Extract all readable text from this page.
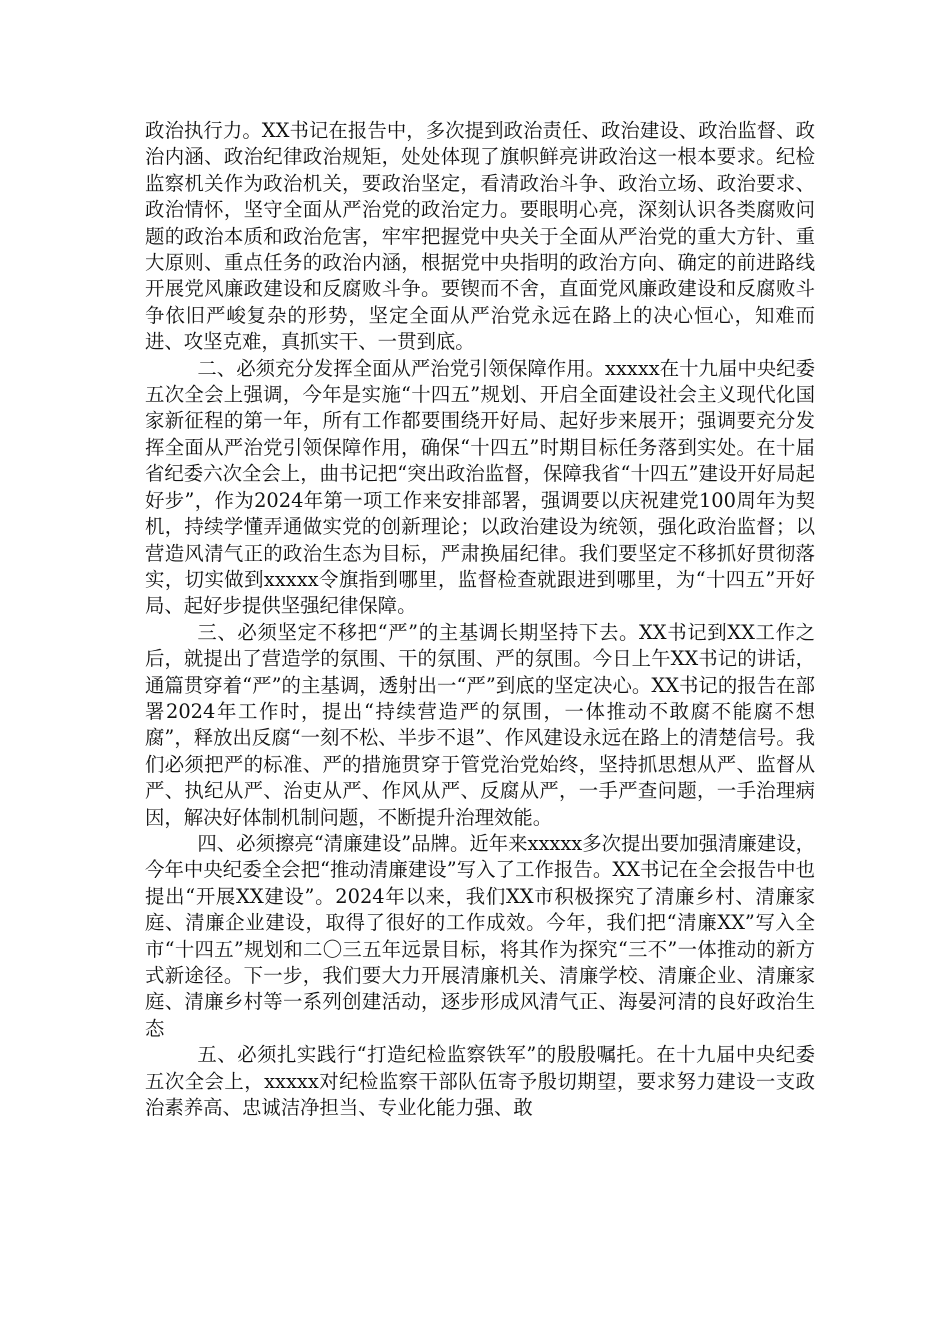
政治执行力。XX书记在报告中，多次提到政治责任、政治建设、政治监督、政治内涵、政治纪律政治规矩，处处体现了旗帜鲜亮讲政治这一根本要求。纪检监察机关作为政治机关，要政治坚定，看清政治斗争、政治立场、政治要求、政治情怀，坚守全面从严治党的政治定力。要眼明心亮，深刻认识各类腐败问题的政治本质和政治危害，牢牢把握党中央关于全面从严治党的重大方针、重大原则、重点任务的政治内涵，根据党中央指明的政治方向、确定的前进路线开展党风廉政建设和反腐败斗争。要锲而不舍，直面党风廉政建设和反腐败斗争依旧严峻复杂的形势，坚定全面从严治党永远在路上的决心恒心，知难而进、攻坚克难，真抓实干、一贯到底。

二、必须充分发挥全面从严治党引领保障作用。xxxxx在十九届中央纪委五次全会上强调，今年是实施“十四五”规划、开启全面建设社会主义现代化国家新征程的第一年，所有工作都要围绕开好局、起好步来展开；强调要充分发挥全面从严治党引领保障作用，确保“十四五”时期目标任务落到实处。在十届省纪委六次全会上，曲书记把“突出政治监督，保障我省“十四五”建设开好局起好步”，作为2024年第一项工作来安排部署，强调要以庆祝建党100周年为契机，持续学懂弄通做实党的创新理论；以政治建设为统领，强化政治监督；以营造风清气正的政治生态为目标，严肃换届纪律。我们要坚定不移抓好贯彻落实，切实做到xxxxx令旗指到哪里，监督检查就跟进到哪里，为“十四五”开好局、起好步提供坚强纪律保障。

三、必须坚定不移把“严”的主基调长期坚持下去。XX书记到XX工作之后，就提出了营造学的氛围、干的氛围、严的氛围。今日上午XX书记的讲话，通篇贯穿着“严”的主基调，透射出一“严”到底的坚定决心。XX书记的报告在部署2024年工作时，提出“持续营造严的氛围，一体推动不敢腐不能腐不想腐”，释放出反腐“一刻不松、半步不退”、作风建设永远在路上的清楚信号。我们必须把严的标准、严的措施贯穿于管党治党始终，坚持抓思想从严、监督从严、执纪从严、治吏从严、作风从严、反腐从严，一手严查问题，一手治理病因，解决好体制机制问题，不断提升治理效能。

四、必须擦亮“清廉建设”品牌。近年来xxxxx多次提出要加强清廉建设，今年中央纪委全会把“推动清廉建设”写入了工作报告。XX书记在全会报告中也提出“开展XX建设”。2024年以来，我们XX市积极探究了清廉乡村、清廉家庭、清廉企业建设，取得了很好的工作成效。今年，我们把“清廉XX”写入全市“十四五”规划和二〇三五年远景目标，将其作为探究“三不”一体推动的新方式新途径。下一步，我们要大力开展清廉机关、清廉学校、清廉企业、清廉家庭、清廉乡村等一系列创建活动，逐步形成风清气正、海晏河清的良好政治生态

五、必须扎实践行“打造纪检监察铁军”的殷殷嘱托。在十九届中央纪委五次全会上，xxxxx对纪检监察干部队伍寄予殷切期望，要求努力建设一支政治素养高、忠诚洁净担当、专业化能力强、敢
